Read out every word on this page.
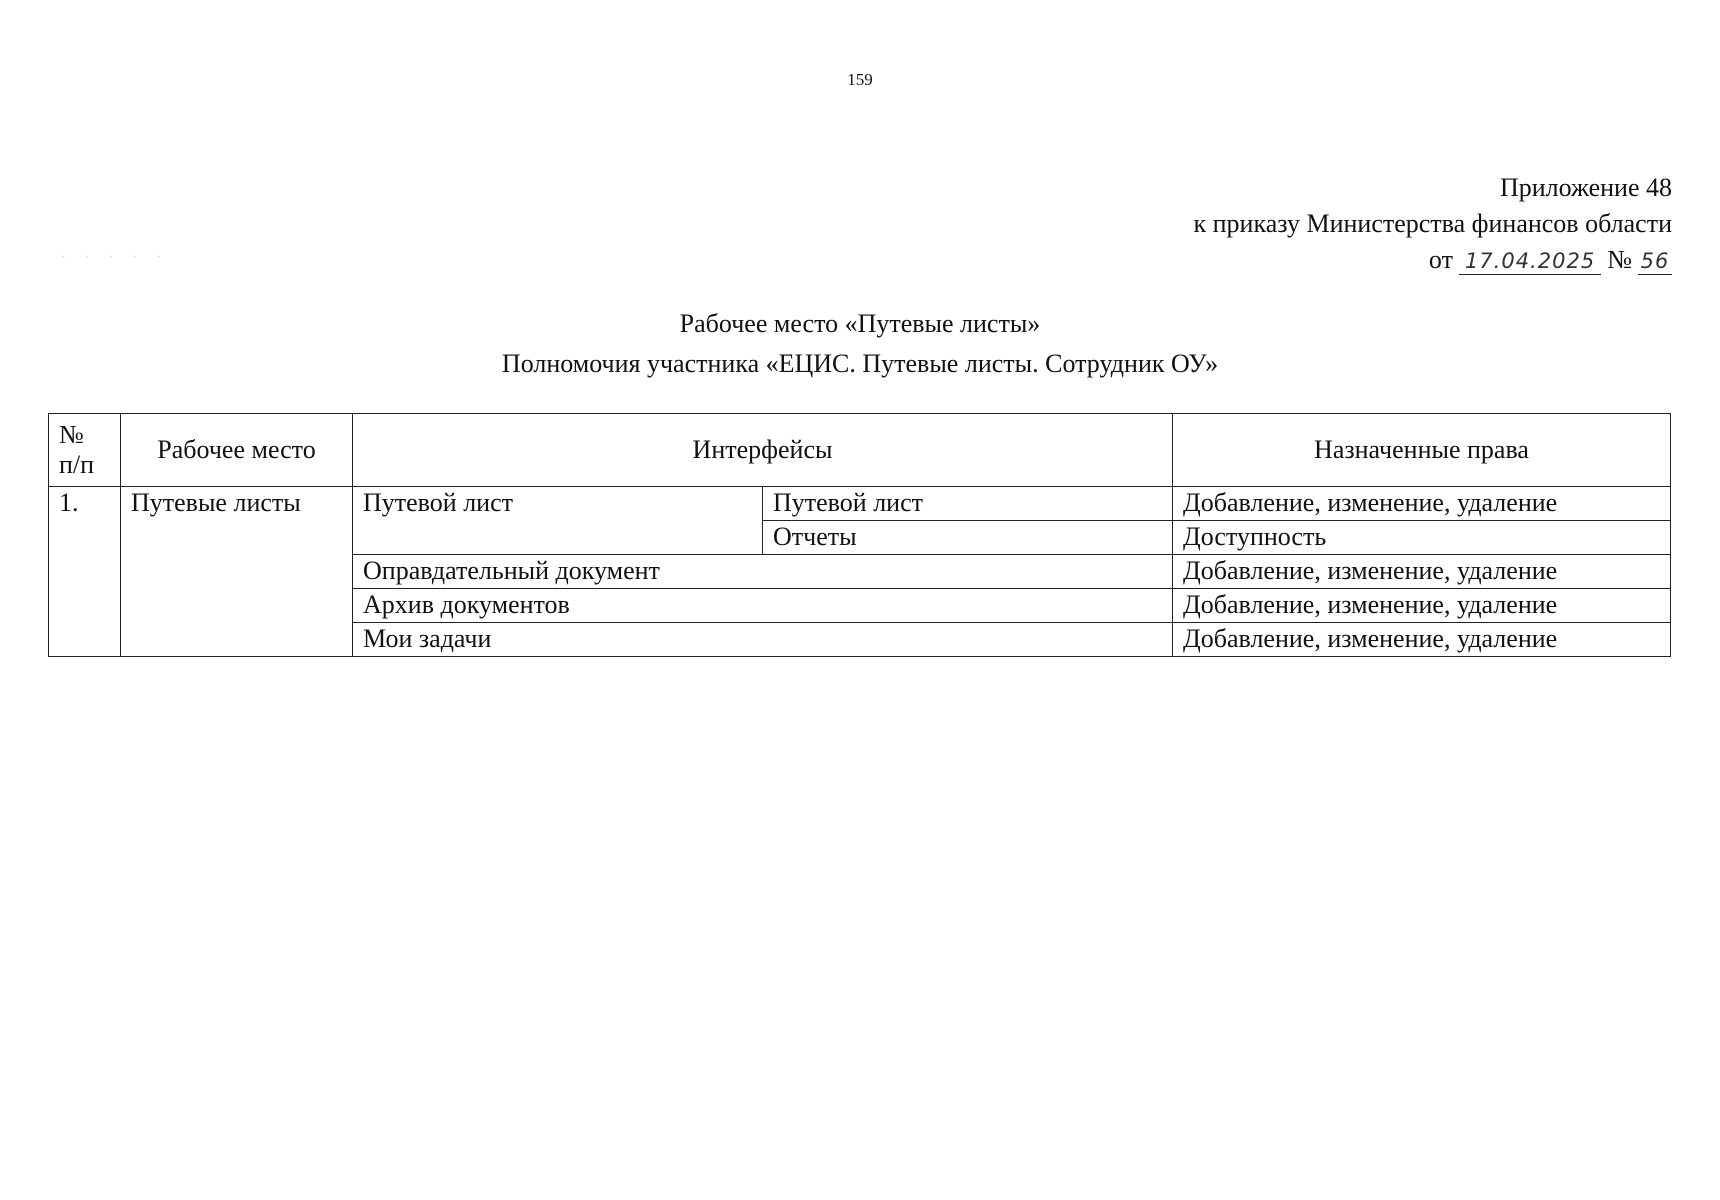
159
· · · · ·
Приложение 48
к приказу Министерства финансов области
от 17.04.2025 № 56
Рабочее место «Путевые листы»
Полномочия участника «ЕЦИС. Путевые листы. Сотрудник ОУ»
№ п/п	Рабочее место	Интерфейсы		Назначенные права
1.	Путевые листы	Путевой лист	Путевой лист	Добавление, изменение, удаление
			Отчеты	Доступность
		Оправдательный документ		Добавление, изменение, удаление
		Архив документов		Добавление, изменение, удаление
		Мои задачи		Добавление, изменение, удаление
